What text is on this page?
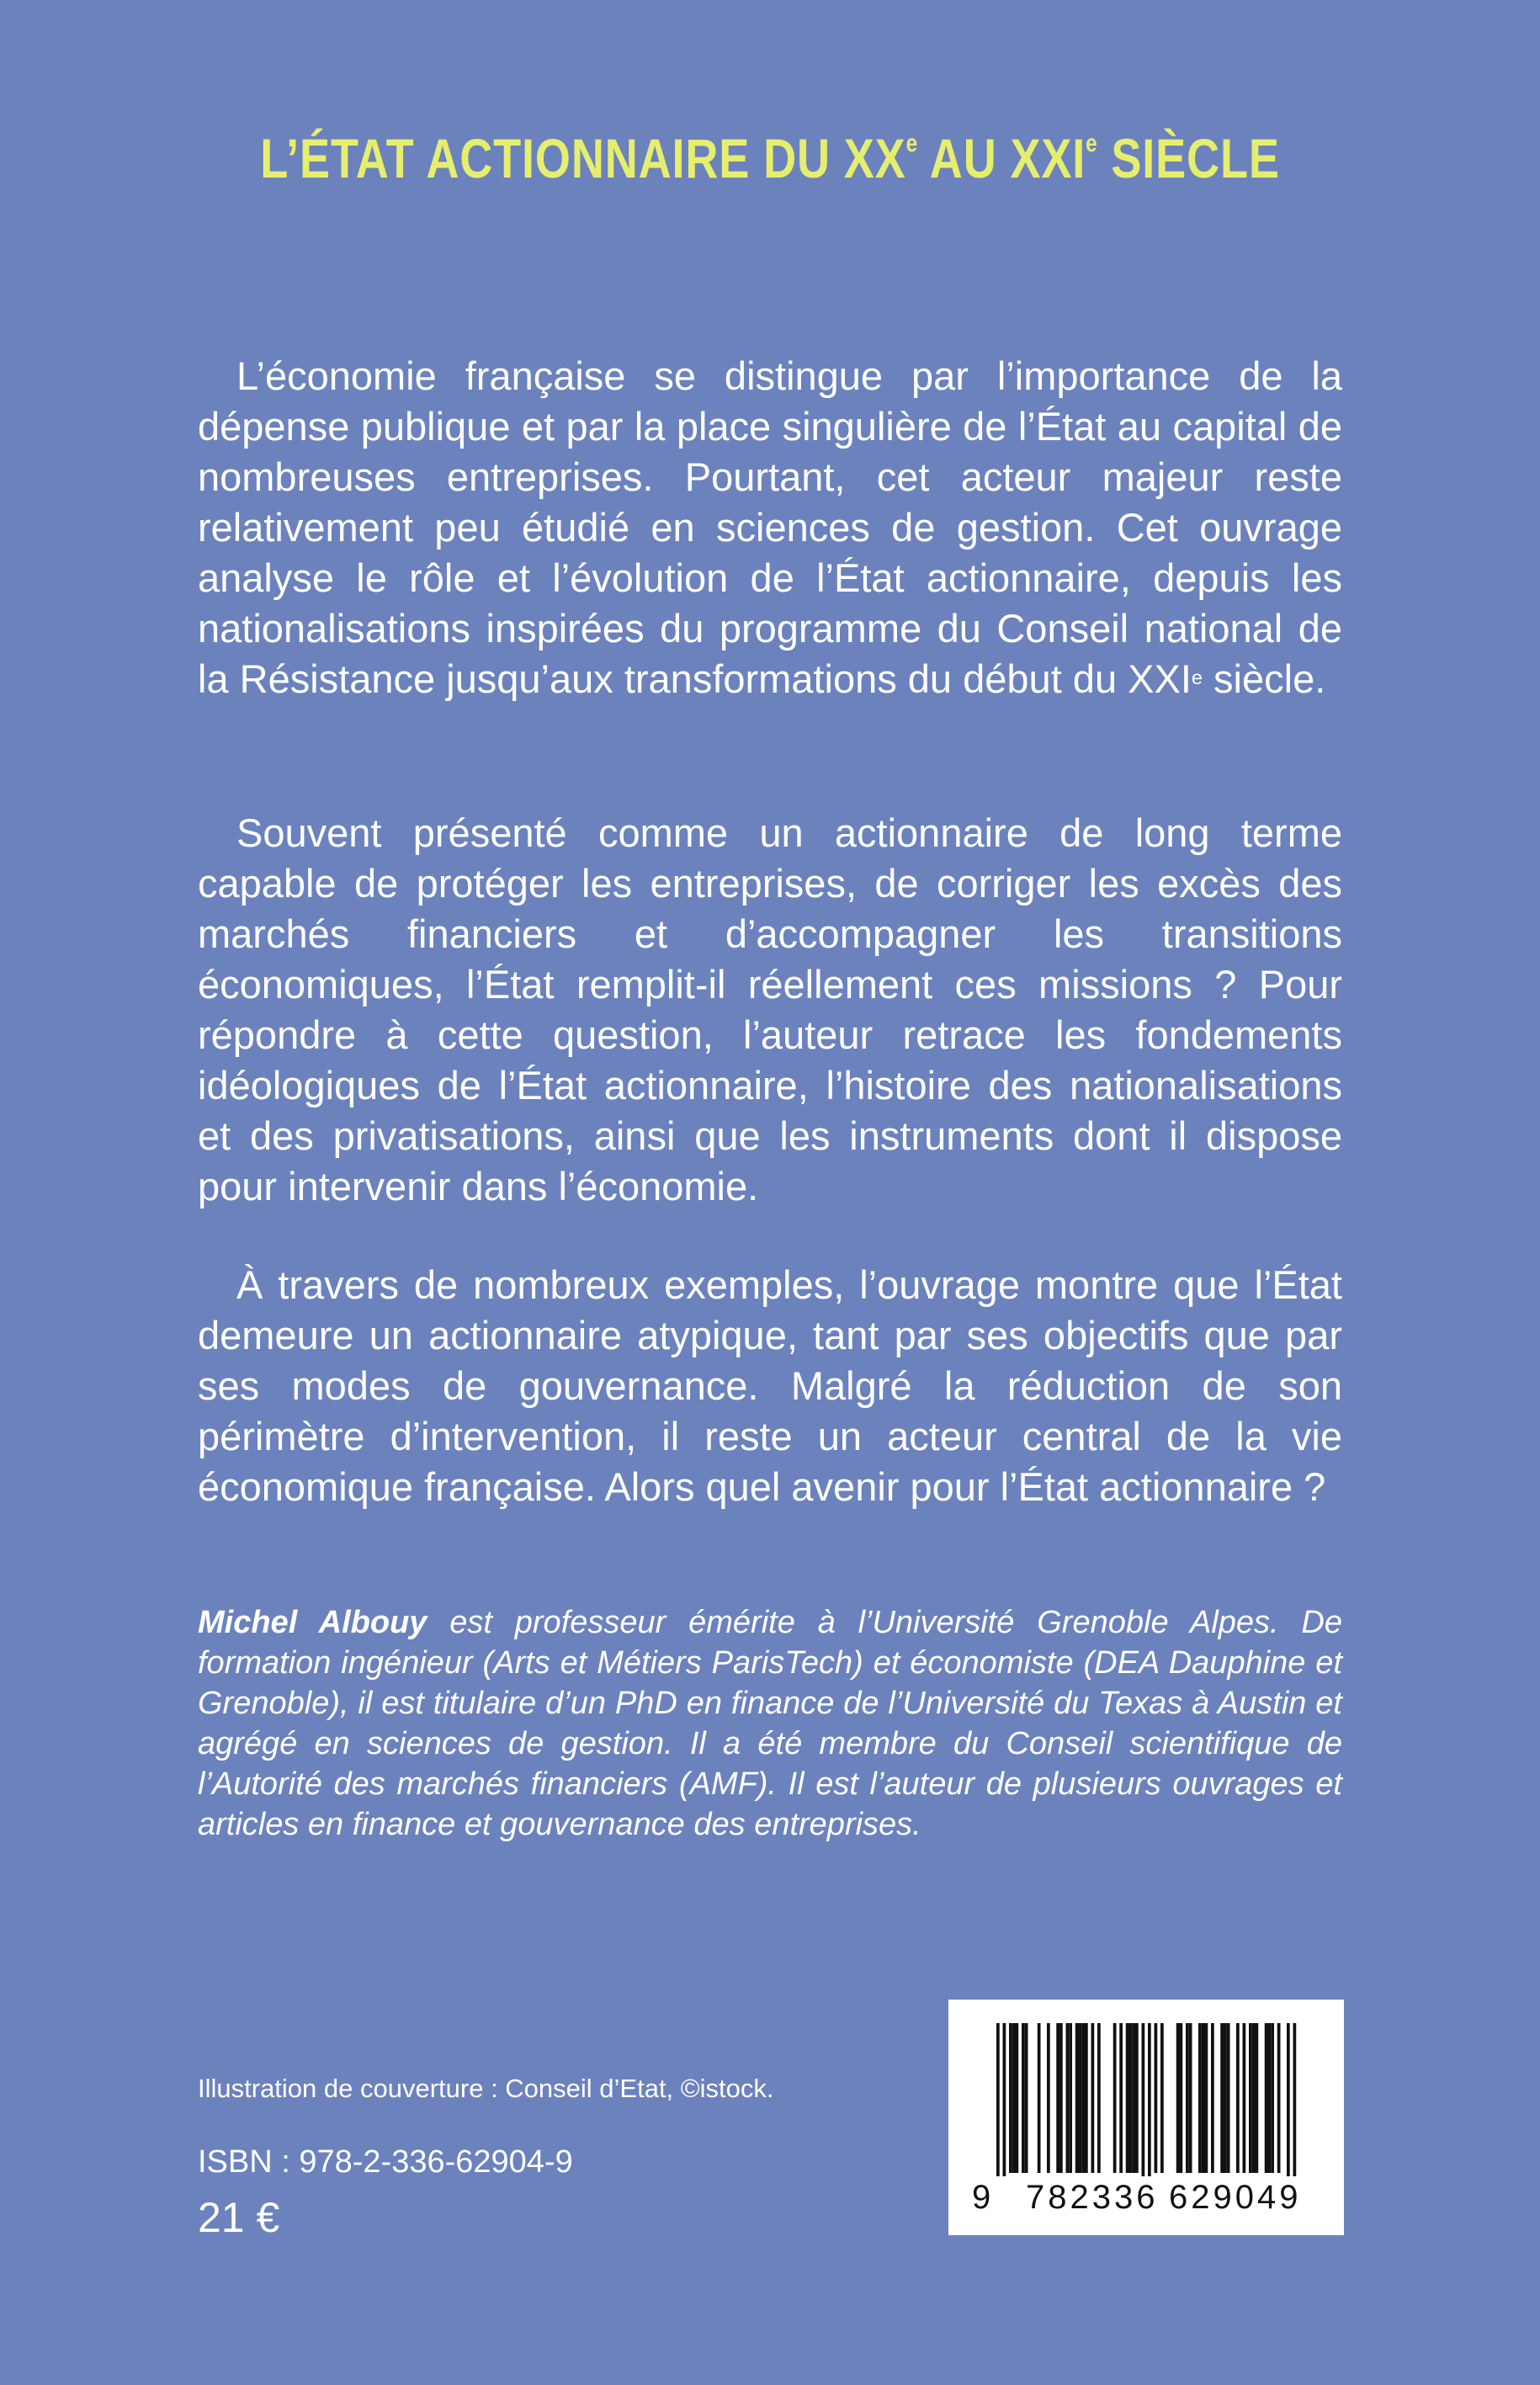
L’ÉTAT ACTIONNAIRE DU XXe AU XXIe SIÈCLE

L’économie française se distingue par l’importance de la dépense publique et par la place singulière de l’État au capital de nombreuses entreprises. Pourtant, cet acteur majeur reste relativement peu étudié en sciences de gestion. Cet ouvrage analyse le rôle et l’évolution de l’État actionnaire, depuis les nationalisations inspirées du programme du Conseil national de la Résistance jusqu’aux transformations du début du XXIe siècle.

Souvent présenté comme un actionnaire de long terme capable de protéger les entreprises, de corriger les excès des marchés financiers et d’accompagner les transitions économiques, l’État remplit-il réellement ces missions ? Pour répondre à cette question, l’auteur retrace les fondements idéologiques de l’État actionnaire, l’histoire des nationalisations et des privatisations, ainsi que les instruments dont il dispose pour intervenir dans l’économie.

À travers de nombreux exemples, l’ouvrage montre que l’État demeure un actionnaire atypique, tant par ses objectifs que par ses modes de gouvernance. Malgré la réduction de son périmètre d’intervention, il reste un acteur central de la vie économique française. Alors quel avenir pour l’État actionnaire ?

Michel Albouy est professeur émérite à l’Université Grenoble Alpes. De formation ingénieur (Arts et Métiers ParisTech) et économiste (DEA Dauphine et Grenoble), il est titulaire d’un PhD en finance de l’Université du Texas à Austin et agrégé en sciences de gestion. Il a été membre du Conseil scientifique de l’Autorité des marchés financiers (AMF). Il est l’auteur de plusieurs ouvrages et articles en finance et gouvernance des entreprises.

Illustration de couverture : Conseil d’Etat, ©istock.
ISBN : 978-2-336-62904-9
21 €	9 782336 629049
